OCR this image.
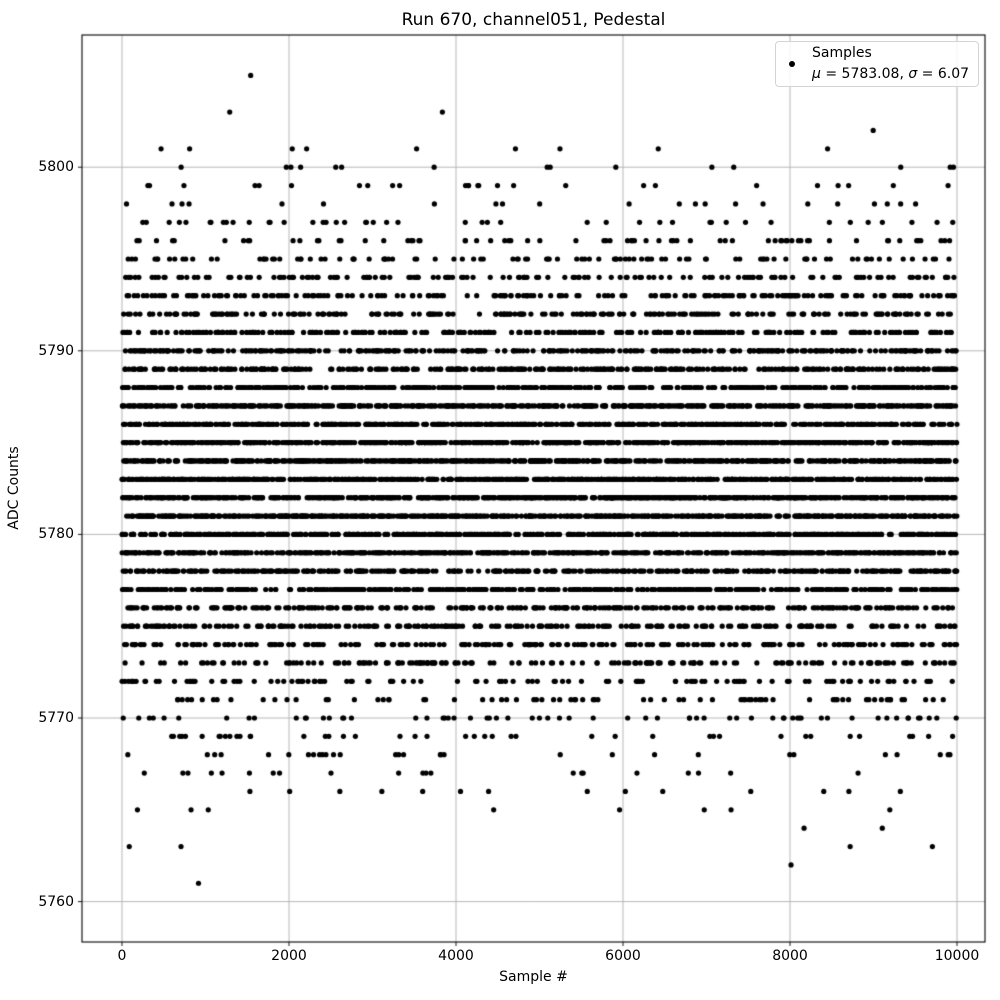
Run 670, channel051, Pedestal
Sample #
ADC Counts
0	2000	4000	6000	8000	10000
5760
5770
5780
5790
5800
Samples
μ = 5783.08, σ = 6.07
